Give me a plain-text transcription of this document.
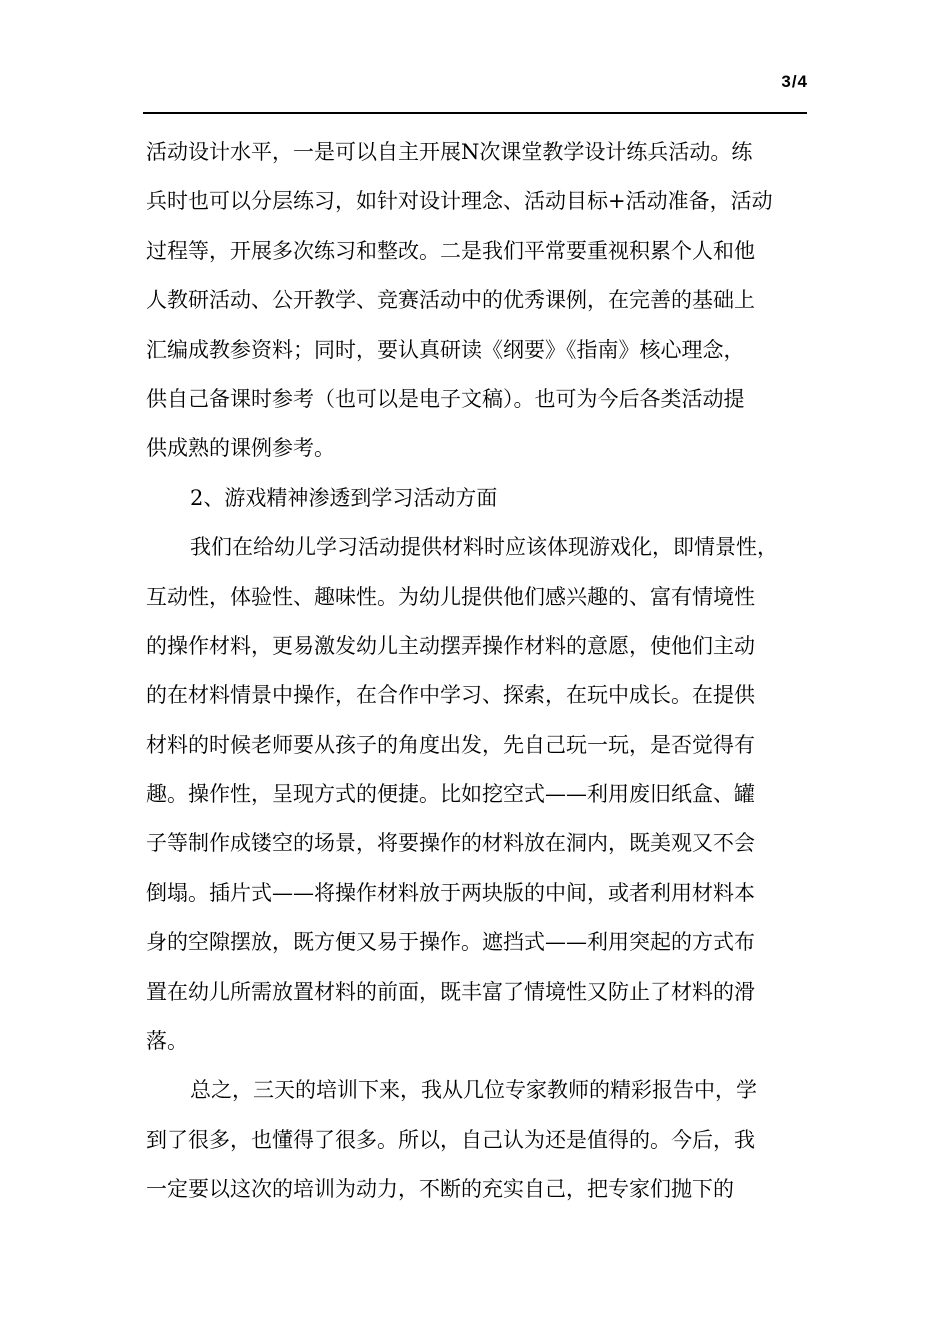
3/4
活动设计水平，一是可以自主开展N次课堂教学设计练兵活动。练
兵时也可以分层练习，如针对设计理念、活动目标+活动准备，活动
过程等，开展多次练习和整改。二是我们平常要重视积累个人和他
人教研活动、公开教学、竞赛活动中的优秀课例，在完善的基础上
汇编成教参资料；同时，要认真研读《纲要》《指南》核心理念，
供自己备课时参考（也可以是电子文稿）。也可为今后各类活动提
供成熟的课例参考。
2、游戏精神渗透到学习活动方面
我们在给幼儿学习活动提供材料时应该体现游戏化，即情景性，
互动性，体验性、趣味性。为幼儿提供他们感兴趣的、富有情境性
的操作材料，更易激发幼儿主动摆弄操作材料的意愿，使他们主动
的在材料情景中操作，在合作中学习、探索，在玩中成长。在提供
材料的时候老师要从孩子的角度出发，先自己玩一玩，是否觉得有
趣。操作性，呈现方式的便捷。比如挖空式——利用废旧纸盒、罐
子等制作成镂空的场景，将要操作的材料放在洞内，既美观又不会
倒塌。插片式——将操作材料放于两块版的中间，或者利用材料本
身的空隙摆放，既方便又易于操作。遮挡式——利用突起的方式布
置在幼儿所需放置材料的前面，既丰富了情境性又防止了材料的滑
落。
总之，三天的培训下来，我从几位专家教师的精彩报告中，学
到了很多，也懂得了很多。所以，自己认为还是值得的。今后，我
一定要以这次的培训为动力，不断的充实自己，把专家们抛下的
